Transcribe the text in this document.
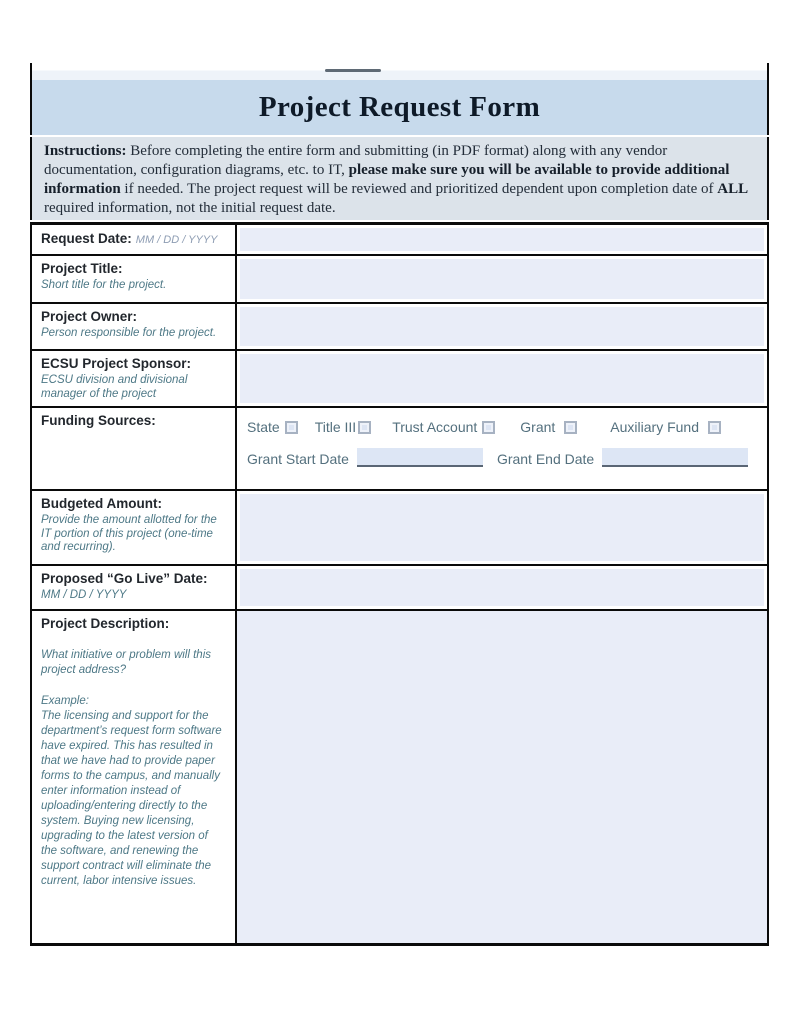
Project Request Form
Instructions: Before completing the entire form and submitting (in PDF format) along with any vendor documentation, configuration diagrams, etc. to IT, please make sure you will be available to provide additional information if needed. The project request will be reviewed and prioritized dependent upon completion date of ALL required information, not the initial request date.
Request Date: MM / DD / YYYY
Project Title:
Short title for the project.
Project Owner:
Person responsible for the project.
ECSU Project Sponsor:
ECSU division and divisional manager of the project
Funding Sources:	State	Title III	Trust Account	Grant	Auxiliary Fund
Grant Start Date	Grant End Date
Budgeted Amount:
Provide the amount allotted for the IT portion of this project (one-time and recurring).
Proposed “Go Live” Date:
MM / DD / YYYY
Project Description:
What initiative or problem will this project address?
Example:
The licensing and support for the department’s request form software have expired. This has resulted in that we have had to provide paper forms to the campus, and manually enter information instead of uploading/entering directly to the system. Buying new licensing, upgrading to the latest version of the software, and renewing the support contract will eliminate the current, labor intensive issues.
